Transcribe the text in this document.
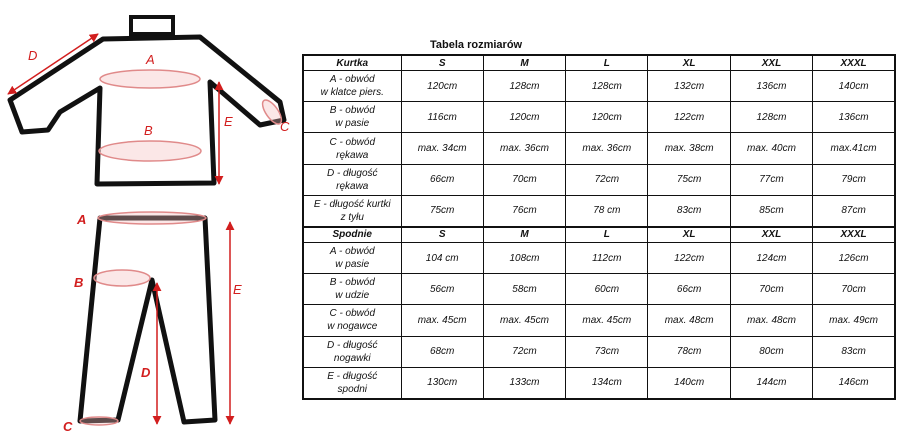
D	A
B
E	C
A
B
D
E
C
Tabela rozmiarów
Kurtka	S	M	L	XL	XXL	XXXL
A - obwód
w klatce piers.	120cm	128cm	128cm	132cm	136cm	140cm
B - obwód
w pasie	116cm	120cm	120cm	122cm	128cm	136cm
C - obwód
rękawa	max. 34cm	max. 36cm	max. 36cm	max. 38cm	max. 40cm	max.41cm
D - długość
rękawa	66cm	70cm	72cm	75cm	77cm	79cm
E - długość kurtki
z tyłu	75cm	76cm	78 cm	83cm	85cm	87cm
Spodnie	S	M	L	XL	XXL	XXXL
A - obwód
w pasie	104 cm	108cm	112cm	122cm	124cm	126cm
B - obwód
w udzie	56cm	58cm	60cm	66cm	70cm	70cm
C - obwód
w nogawce	max. 45cm	max. 45cm	max. 45cm	max. 48cm	max. 48cm	max. 49cm
D - długość
nogawki	68cm	72cm	73cm	78cm	80cm	83cm
E - długość
spodni	130cm	133cm	134cm	140cm	144cm	146cm
